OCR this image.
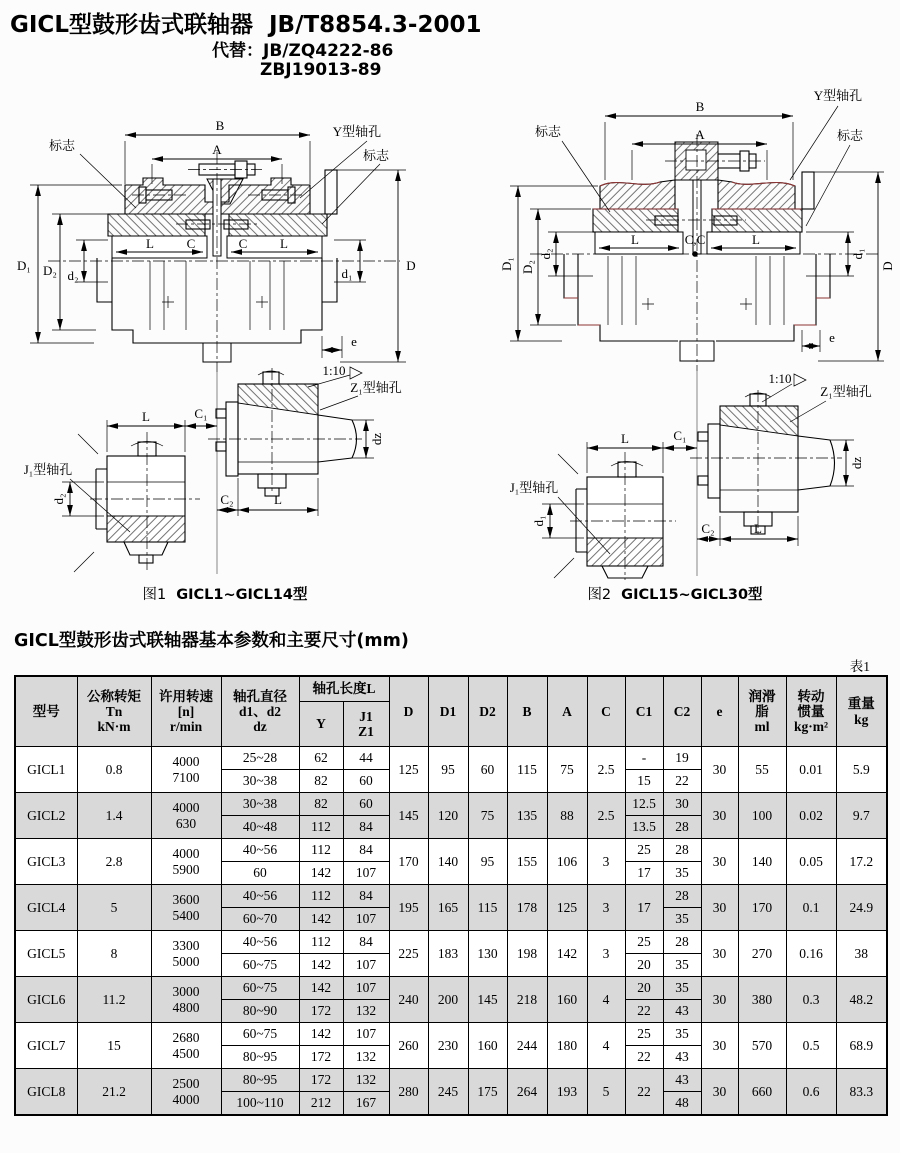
GⅠCL型鼓形齿式联轴器 JB/T8854.3-2001
代替：JB/ZQ4222-86
ZBJ19013-89
B
A
L	C	C	L
D₁ D₂ d₂
D
d₁
e
标志
Y型轴孔
标志
L	C₁
d₂
J₁型轴孔
dz
1:10
Z₁型轴孔
C₂	L
B
A
L	L
C,C
D₁ D₂
d₂
D
d₁
e
标志
Y型轴孔
标志
L	C₁
d₁
J₁型轴孔
dz
1:10
Z₁型轴孔
C₂	L
图1 GⅠCL1~GⅠCL14型	图2 GⅠCL15~GⅠCL30型
GⅠCL型鼓形齿式联轴器基本参数和主要尺寸(mm)
表1
型号	公称转矩
Tn
kN·m	许用转速
[n]
r/min	轴孔直径
d1、d2
dz	轴孔长度L		D	D1	D2	B	A	C	C1	C2	e	润滑
脂
ml	转动
惯量
kg·m²	重量
kg

				Y	J1
Z1												

GICL1	0.8	4000
7100	25~28	62	44	125	95	60	115	75	2.5	-	19	30	55	0.01	5.9
			30~38	82	60							15	22				
GICL2	1.4	4000
630	30~38	82	60	145	120	75	135	88	2.5	12.5	30	30	100	0.02	9.7
			40~48	112	84							13.5	28				
GICL3	2.8	4000
5900	40~56	112	84	170	140	95	155	106	3	25	28	30	140	0.05	17.2
			60	142	107							17	35				
GICL4	5	3600
5400	40~56	112	84	195	165	115	178	125	3	17	28	30	170	0.1	24.9
			60~70	142	107								35				
GICL5	8	3300
5000	40~56	112	84	225	183	130	198	142	3	25	28	30	270	0.16	38
			60~75	142	107							20	35				
GICL6	11.2	3000
4800	60~75	142	107	240	200	145	218	160	4	20	35	30	380	0.3	48.2
			80~90	172	132							22	43				
GICL7	15	2680
4500	60~75	142	107	260	230	160	244	180	4	25	35	30	570	0.5	68.9
			80~95	172	132							22	43				
GICL8	21.2	2500
4000	80~95	172	132	280	245	175	264	193	5	22	43	30	660	0.6	83.3
			100~110	212	167								48				
